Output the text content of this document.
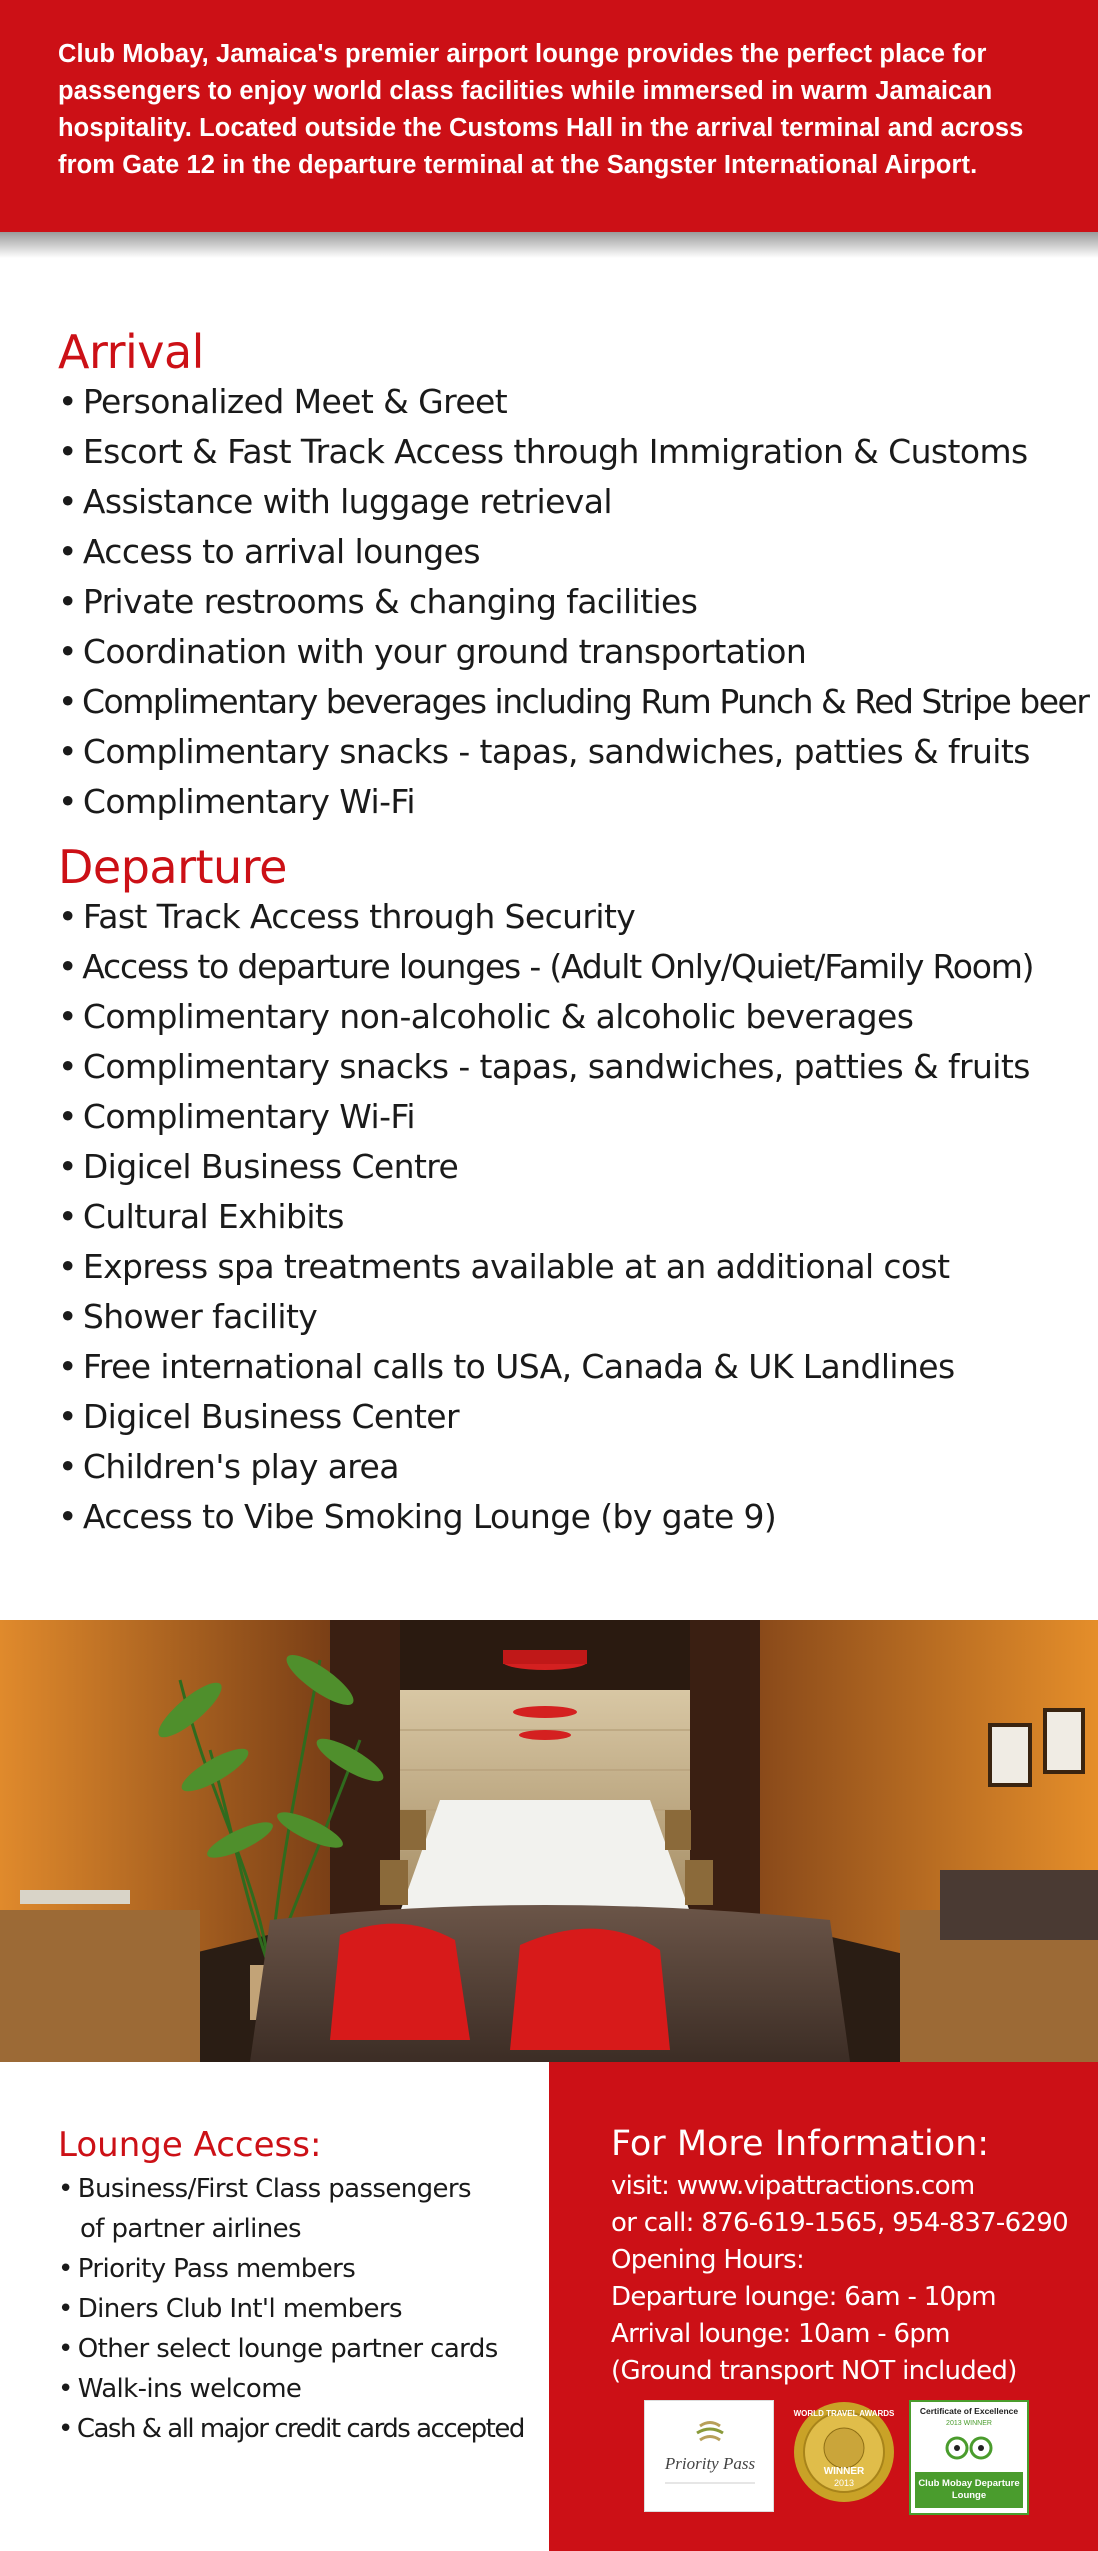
Club Mobay, Jamaica's premier airport lounge provides the perfect place for passengers to enjoy world class facilities while immersed in warm Jamaican hospitality. Located outside the Customs Hall in the arrival terminal and across from Gate 12 in the departure terminal at the Sangster International Airport.

Arrival
• Personalized Meet & Greet
• Escort & Fast Track Access through Immigration & Customs
• Assistance with luggage retrieval
• Access to arrival lounges
• Private restrooms & changing facilities
• Coordination with your ground transportation
• Complimentary beverages including Rum Punch & Red Stripe beer
• Complimentary snacks - tapas, sandwiches, patties & fruits
• Complimentary Wi-Fi
Departure
• Fast Track Access through Security
• Access to departure lounges - (Adult Only/Quiet/Family Room)
• Complimentary non-alcoholic & alcoholic beverages
• Complimentary snacks - tapas, sandwiches, patties & fruits
• Complimentary Wi-Fi
• Digicel Business Centre
• Cultural Exhibits
• Express spa treatments available at an additional cost
• Shower facility
• Free international calls to USA, Canada & UK Landlines
• Digicel Business Center
• Children's play area
• Access to Vibe Smoking Lounge (by gate 9)
Lounge Access:
• Business/First Class passengers
of partner airlines
• Priority Pass members
• Diners Club Int'l members
• Other select lounge partner cards
• Walk-ins welcome
• Cash & all major credit cards accepted
For More Information:
visit: www.vipattractions.com
or call: 876-619-1565, 954-837-6290
Opening Hours:
Departure lounge: 6am - 10pm
Arrival lounge: 10am - 6pm
(Ground transport NOT included)
Priority Pass
WORLD TRAVEL AWARDS
WINNER
2013
Certificate of Excellence
2013 WINNER
Club Mobay Departure Lounge
